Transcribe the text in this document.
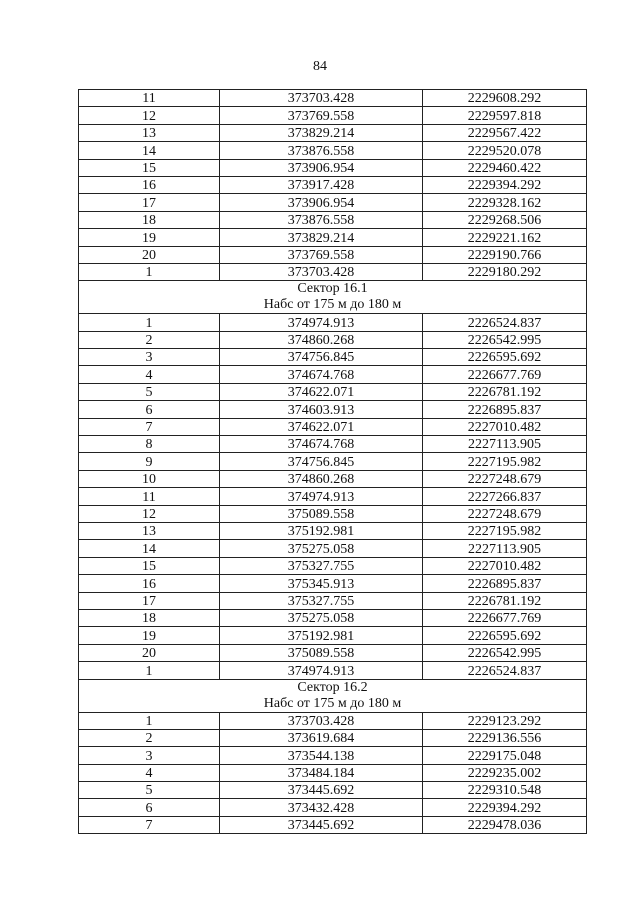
84
11	373703.428	2229608.292
12	373769.558	2229597.818
13	373829.214	2229567.422
14	373876.558	2229520.078
15	373906.954	2229460.422
16	373917.428	2229394.292
17	373906.954	2229328.162
18	373876.558	2229268.506
19	373829.214	2229221.162
20	373769.558	2229190.766
1	373703.428	2229180.292
Сектор 16.1		
Набс от 175 м до 180 м		
1	374974.913	2226524.837
2	374860.268	2226542.995
3	374756.845	2226595.692
4	374674.768	2226677.769
5	374622.071	2226781.192
6	374603.913	2226895.837
7	374622.071	2227010.482
8	374674.768	2227113.905
9	374756.845	2227195.982
10	374860.268	2227248.679
11	374974.913	2227266.837
12	375089.558	2227248.679
13	375192.981	2227195.982
14	375275.058	2227113.905
15	375327.755	2227010.482
16	375345.913	2226895.837
17	375327.755	2226781.192
18	375275.058	2226677.769
19	375192.981	2226595.692
20	375089.558	2226542.995
1	374974.913	2226524.837
Сектор 16.2		
Набс от 175 м до 180 м		
1	373703.428	2229123.292
2	373619.684	2229136.556
3	373544.138	2229175.048
4	373484.184	2229235.002
5	373445.692	2229310.548
6	373432.428	2229394.292
7	373445.692	2229478.036
